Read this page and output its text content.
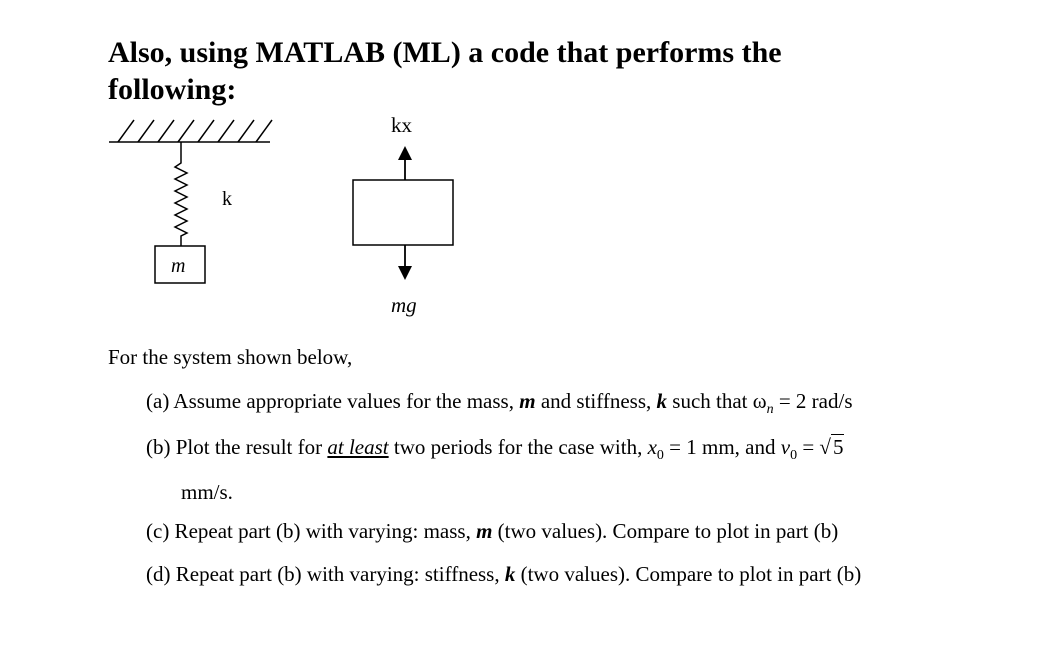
Also, using MATLAB (ML) a code that performs the following:
k
m
kx
mg

For the system shown below,

(a) Assume appropriate values for the mass, m and stiffness, k such that $\omega_n = 2$ rad/s

(b) Plot the result for at least two periods for the case with, $x_0 = 1$ mm, and $v_0 = √5$

mm/s.

(c) Repeat part (b) with varying: mass, m (two values). Compare to plot in part (b)

(d) Repeat part (b) with varying: stiffness, k (two values). Compare to plot in part (b)
